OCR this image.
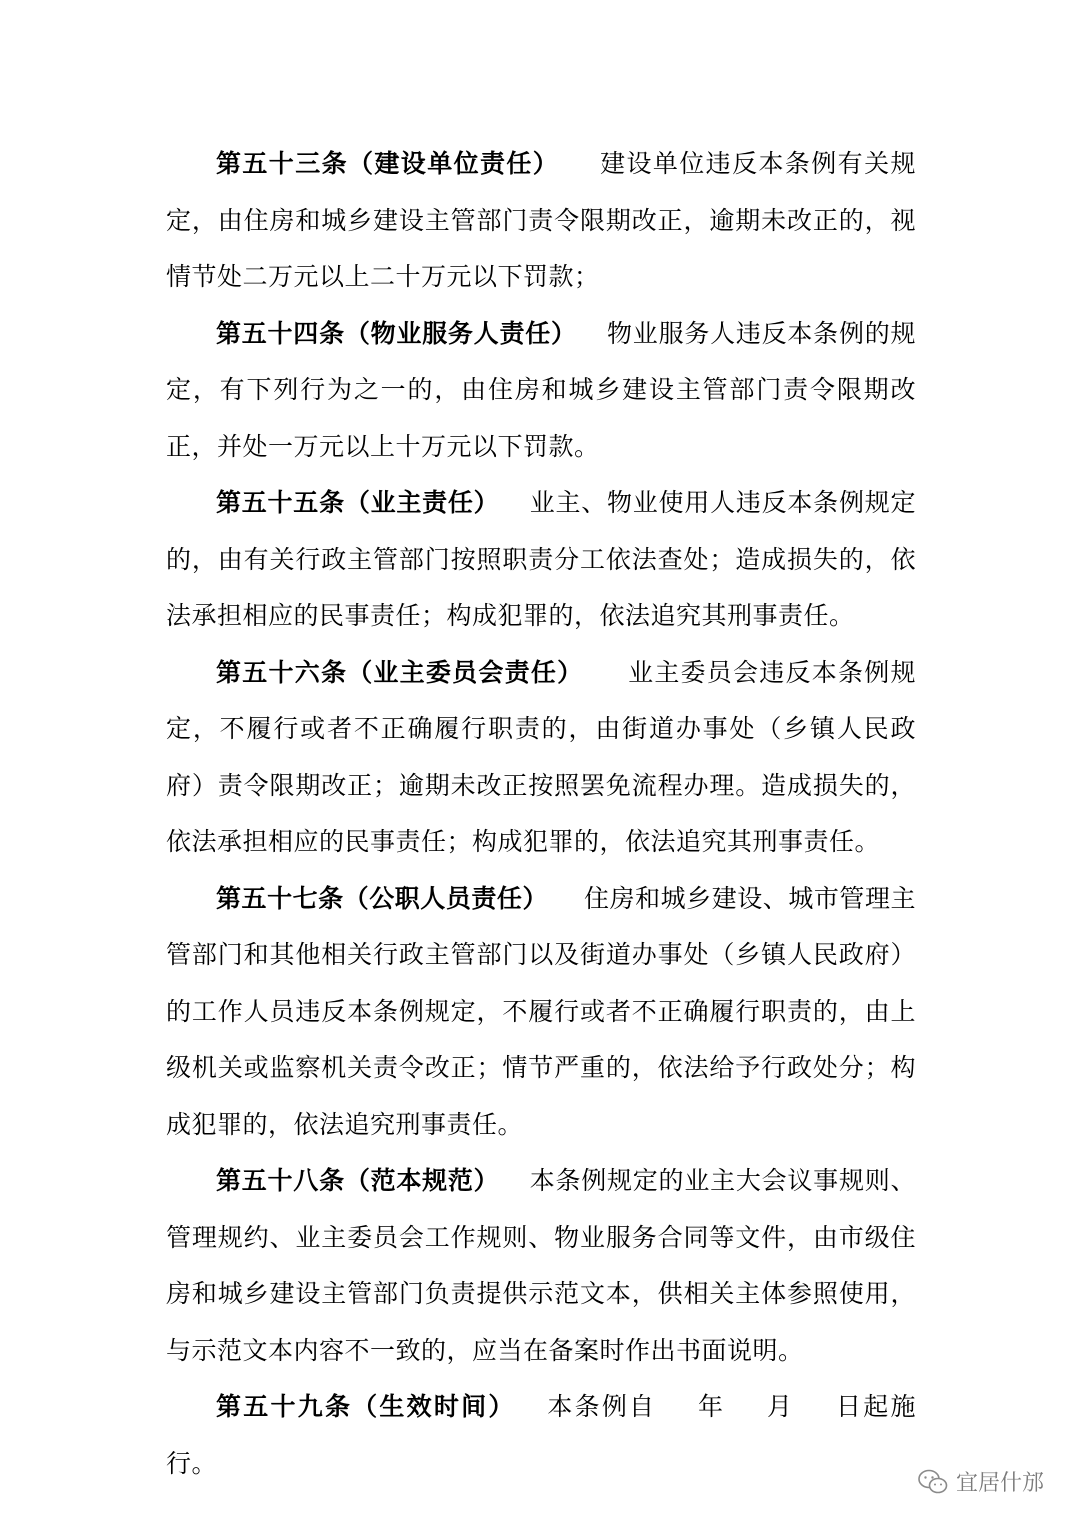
第五十三条（建设单位责任） 建设单位违反本条例有关规定，由住房和城乡建设主管部门责令限期改正，逾期未改正的，视情节处二万元以上二十万元以下罚款；

第五十四条（物业服务人责任） 物业服务人违反本条例的规定，有下列行为之一的，由住房和城乡建设主管部门责令限期改正，并处一万元以上十万元以下罚款。

第五十五条（业主责任） 业主、物业使用人违反本条例规定的，由有关行政主管部门按照职责分工依法查处；造成损失的，依法承担相应的民事责任；构成犯罪的，依法追究其刑事责任。

第五十六条（业主委员会责任） 业主委员会违反本条例规定，不履行或者不正确履行职责的，由街道办事处（乡镇人民政府）责令限期改正；逾期未改正按照罢免流程办理。造成损失的，依法承担相应的民事责任；构成犯罪的，依法追究其刑事责任。

第五十七条（公职人员责任） 住房和城乡建设、城市管理主管部门和其他相关行政主管部门以及街道办事处（乡镇人民政府）的工作人员违反本条例规定，不履行或者不正确履行职责的，由上级机关或监察机关责令改正；情节严重的，依法给予行政处分；构成犯罪的，依法追究刑事责任。

第五十八条（范本规范） 本条例规定的业主大会议事规则、管理规约、业主委员会工作规则、物业服务合同等文件，由市级住房和城乡建设主管部门负责提供示范文本，供相关主体参照使用，与示范文本内容不一致的，应当在备案时作出书面说明。

第五十九条（生效时间） 本条例自 年 月 日起施行。

宜居什邡
